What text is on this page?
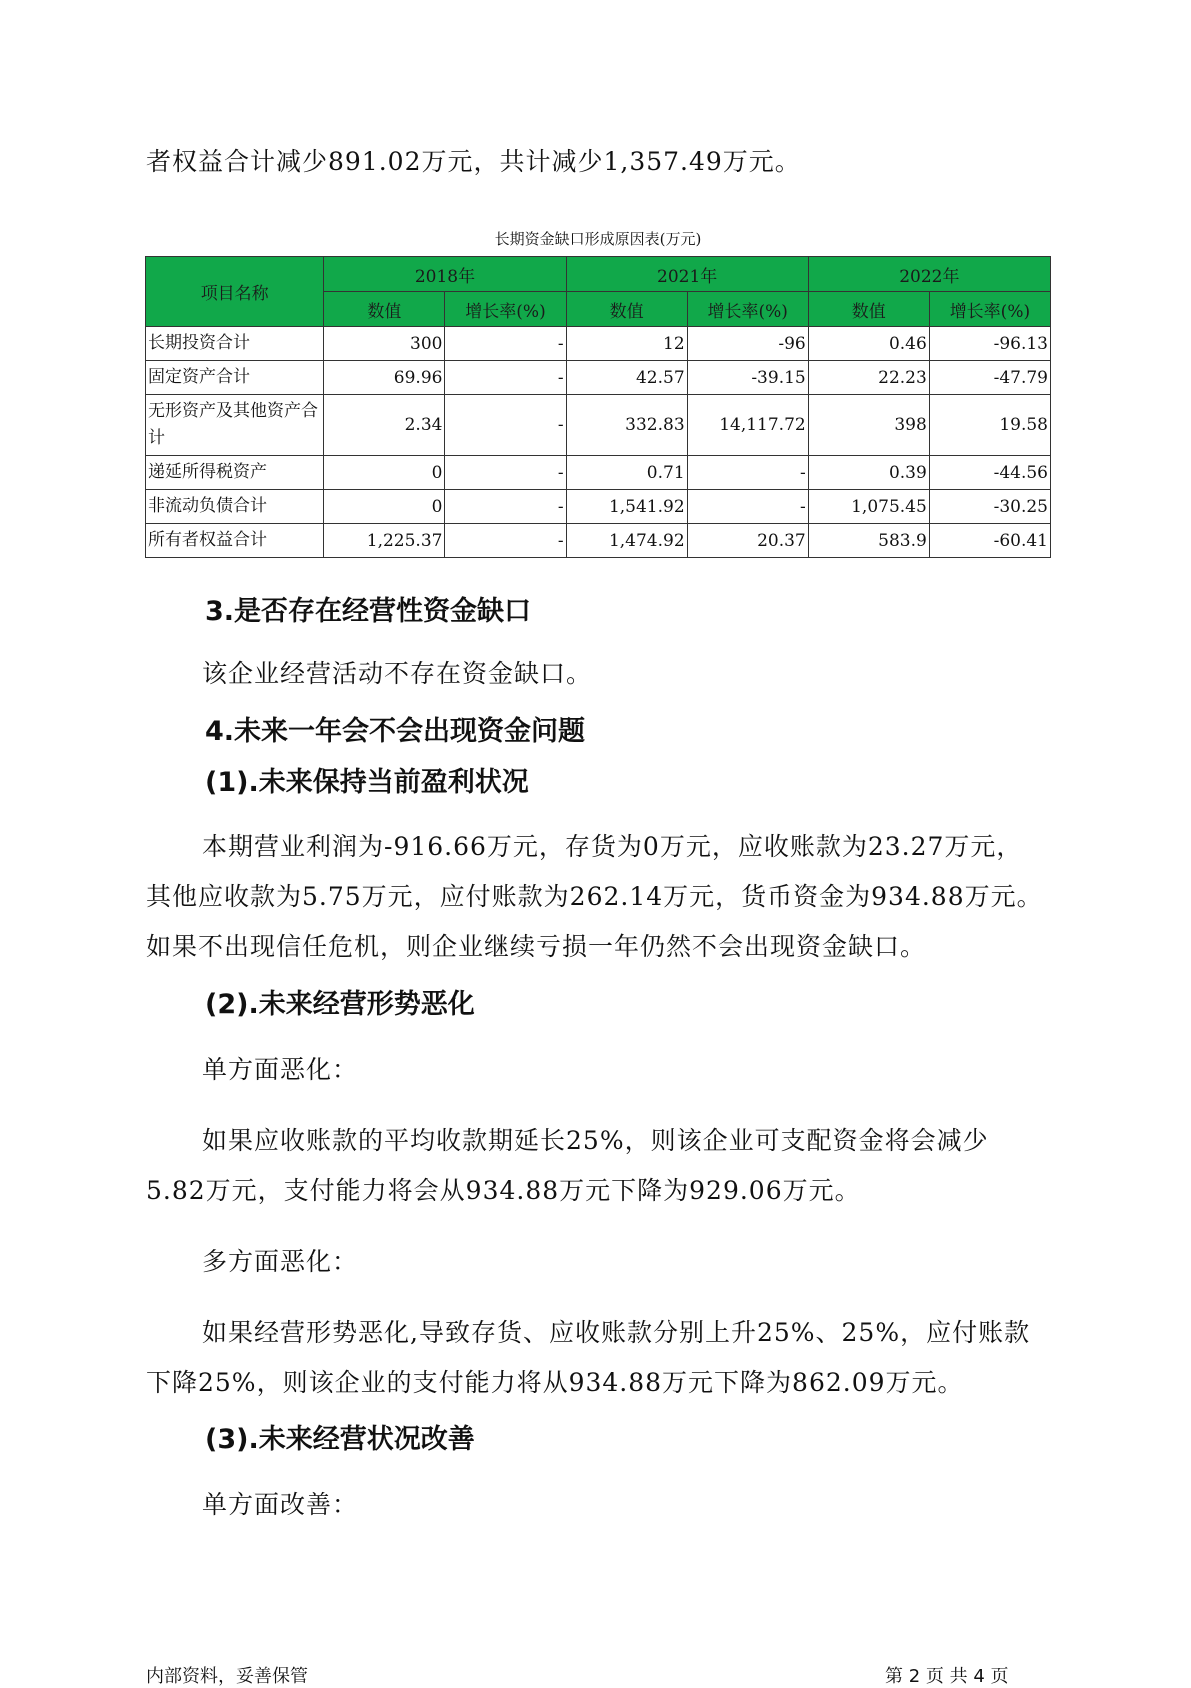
者权益合计减少891.02万元，共计减少1,357.49万元。

长期资金缺口形成原因表(万元)
项目名称	2018年		2021年		2022年	
	数值	增长率(%)	数值	增长率(%)	数值	增长率(%)
长期投资合计	300	-	12	-96	0.46	-96.13
固定资产合计	69.96	-	42.57	-39.15	22.23	-47.79
无形资产及其他资产合计	2.34	-	332.83	14,117.72	398	19.58
递延所得税资产	0	-	0.71	-	0.39	-44.56
非流动负债合计	0	-	1,541.92	-	1,075.45	-30.25
所有者权益合计	1,225.37	-	1,474.92	20.37	583.9	-60.41
3.是否存在经营性资金缺口

该企业经营活动不存在资金缺口。

4.未来一年会不会出现资金问题
(1).未来保持当前盈利状况

本期营业利润为-916.66万元，存货为0万元，应收账款为23.27万元，

其他应收款为5.75万元，应付账款为262.14万元，货币资金为934.88万元。

如果不出现信任危机，则企业继续亏损一年仍然不会出现资金缺口。

(2).未来经营形势恶化

单方面恶化：

如果应收账款的平均收款期延长25%，则该企业可支配资金将会减少

5.82万元，支付能力将会从934.88万元下降为929.06万元。

多方面恶化：

如果经营形势恶化,导致存货、应收账款分别上升25%、25%，应付账款

下降25%，则该企业的支付能力将从934.88万元下降为862.09万元。

(3).未来经营状况改善

单方面改善：

内部资料，妥善保管	第 2 页 共 4 页
